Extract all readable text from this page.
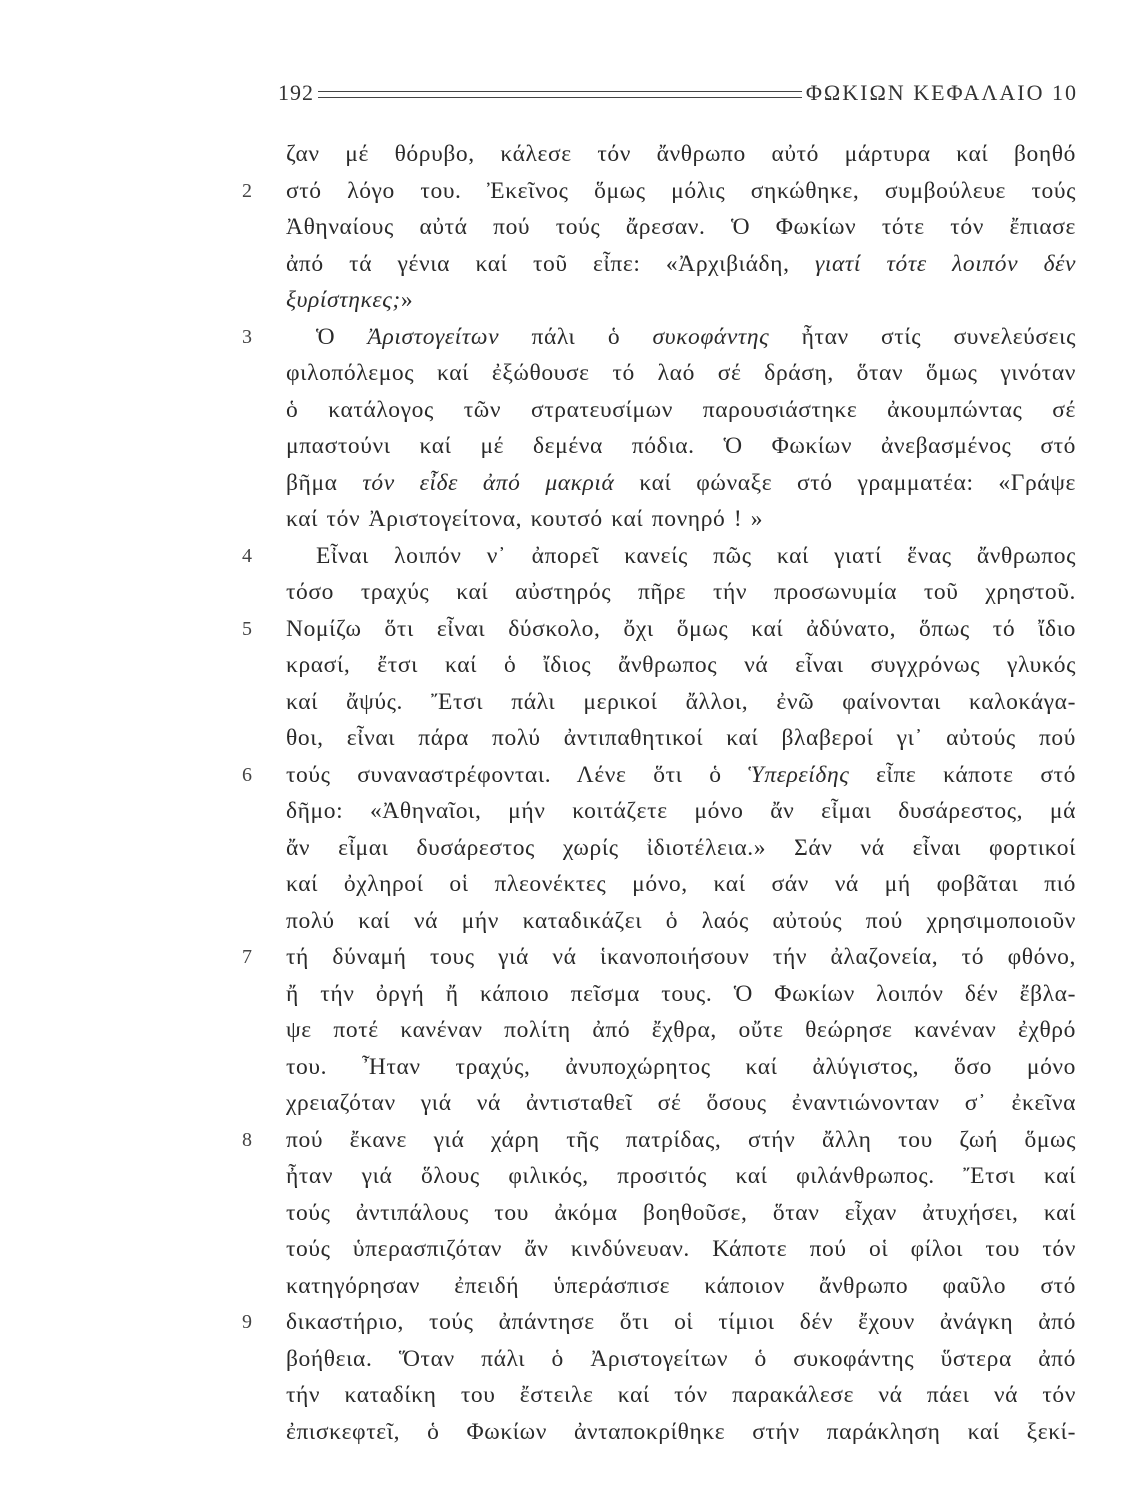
192	ΦΩΚΙΩΝ ΚΕΦΑΛΑΙΟ 10
2
3
4
5
6
7
8
9
ζαν μέ θόρυβο, κάλεσε τόν ἄνθρωπο αὐτό μάρτυρα καί βοηθό
στό λόγο του. Ἐκεῖνος ὅμως μόλις σηκώθηκε, συμβούλευε τούς
Ἀθηναίους αὐτά πού τούς ἄρεσαν. Ὁ Φωκίων τότε τόν ἔπιασε
ἀπό τά γένια καί τοῦ εἶπε: «Ἀρχιβιάδη, γιατί τότε λοιπόν δέν
ξυρίστηκες;»
Ὁ Ἀριστογείτων πάλι ὁ συκοφάντης ἦταν στίς συνελεύσεις
φιλοπόλεμος καί ἐξώθουσε τό λαό σέ δράση, ὅταν ὅμως γινόταν
ὁ κατάλογος τῶν στρατευσίμων παρουσιάστηκε ἀκουμπώντας σέ
μπαστούνι καί μέ δεμένα πόδια. Ὁ Φωκίων ἀνεβασμένος στό
βῆμα τόν εἶδε ἀπό μακριά καί φώναξε στό γραμματέα: «Γράψε
καί τόν Ἀριστογείτονα, κουτσό καί πονηρό ! »
Εἶναι λοιπόν ν᾿ ἀπορεῖ κανείς πῶς καί γιατί ἕνας ἄνθρωπος
τόσο τραχύς καί αὐστηρός πῆρε τήν προσωνυμία τοῦ χρηστοῦ.
Νομίζω ὅτι εἶναι δύσκολο, ὄχι ὅμως καί ἀδύνατο, ὅπως τό ἴδιο
κρασί, ἔτσι καί ὁ ἴδιος ἄνθρωπος νά εἶναι συγχρόνως γλυκός
καί ἄψύς. Ἔτσι πάλι μερικοί ἄλλοι, ἐνῶ φαίνονται καλοκάγα-
θοι, εἶναι πάρα πολύ ἀντιπαθητικοί καί βλαβεροί γι᾿ αὐτούς πού
τούς συναναστρέφονται. Λένε ὅτι ὁ Ὑπερείδης εἶπε κάποτε στό
δῆμο: «Ἀθηναῖοι, μήν κοιτάζετε μόνο ἄν εἶμαι δυσάρεστος, μά
ἄν εἶμαι δυσάρεστος χωρίς ἰδιοτέλεια.» Σάν νά εἶναι φορτικοί
καί ὀχληροί οἱ πλεονέκτες μόνο, καί σάν νά μή φοβᾶται πιό
πολύ καί νά μήν καταδικάζει ὁ λαός αὐτούς πού χρησιμοποιοῦν
τή δύναμή τους γιά νά ἱκανοποιήσουν τήν ἀλαζονεία, τό φθόνο,
ἤ τήν ὀργή ἤ κάποιο πεῖσμα τους. Ὁ Φωκίων λοιπόν δέν ἔβλα-
ψε ποτέ κανέναν πολίτη ἀπό ἔχθρα, οὔτε θεώρησε κανέναν ἐχθρό
του. Ἦταν τραχύς, ἀνυποχώρητος καί ἀλύγιστος, ὅσο μόνο
χρειαζόταν γιά νά ἀντισταθεῖ σέ ὅσους ἐναντιώνονταν σ᾿ ἐκεῖνα
πού ἔκανε γιά χάρη τῆς πατρίδας, στήν ἄλλη του ζωή ὅμως
ἦταν γιά ὅλους φιλικός, προσιτός καί φιλάνθρωπος. Ἔτσι καί
τούς ἀντιπάλους του ἀκόμα βοηθοῦσε, ὅταν εἶχαν ἀτυχήσει, καί
τούς ὑπερασπιζόταν ἄν κινδύνευαν. Κάποτε πού οἱ φίλοι του τόν
κατηγόρησαν ἐπειδή ὑπεράσπισε κάποιον ἄνθρωπο φαῦλο στό
δικαστήριο, τούς ἀπάντησε ὅτι οἱ τίμιοι δέν ἔχουν ἀνάγκη ἀπό
βοήθεια. Ὅταν πάλι ὁ Ἀριστογείτων ὁ συκοφάντης ὕστερα ἀπό
τήν καταδίκη του ἔστειλε καί τόν παρακάλεσε νά πάει νά τόν
ἐπισκεφτεῖ, ὁ Φωκίων ἀνταποκρίθηκε στήν παράκληση καί ξεκί-
